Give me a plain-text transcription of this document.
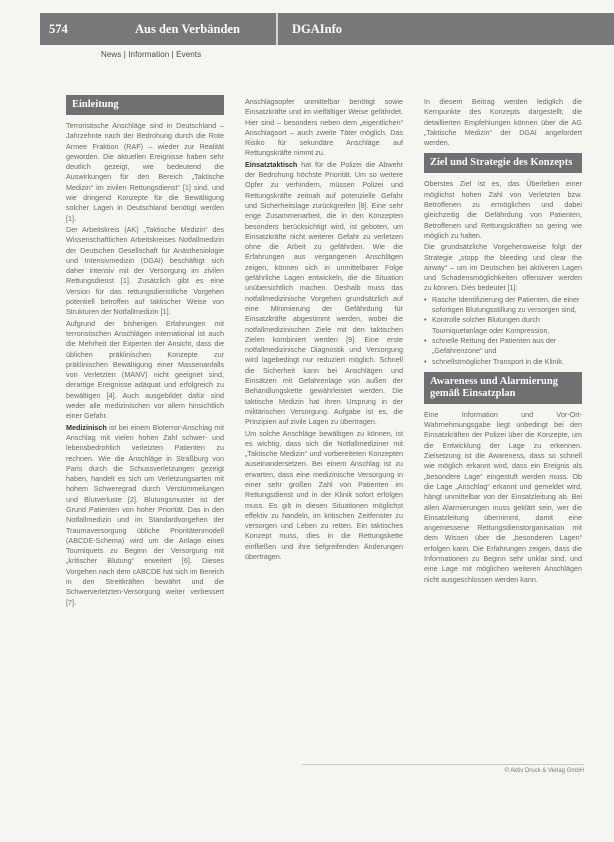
574	Aus den Verbänden	DGAInfo
News | Information | Events
Einleitung

Terroristische Anschläge sind in Deutschland – Jahrzehnte nach der Bedrohung durch die Rote Armee Fraktion (RAF) – wieder zur Realität geworden. Die aktuellen Ereignisse haben sehr deutlich gezeigt, wie bedeutend die Auswirkungen für den Bereich „Taktische Medizin“ im zivilen Rettungsdienst“ [1] sind, und wie dringend Konzepte für die Bewältigung solcher Lagen in Deutschland benötigt werden [1].

Der Arbeitskreis (AK) „Taktische Medizin“ des Wissenschaftlichen Arbeitskreises Notfallmedizin der Deutschen Gesellschaft für Anästhesiologie und Intensivmedizin (DGAI) beschäftigt sich daher intensiv mit der Versorgung im zivilen Rettungsdienst [1]. Zusätzlich gibt es eine Version für das rettungsdienstliche Vorgehen potentiell betroffen auf taktischer Weise von Strukturen der Notfallmedizin [1].

Aufgrund der bisherigen Erfahrungen mit terroristischen Anschlägen international ist auch die Mehrheit der Experten der Ansicht, dass die üblichen präklinischen Konzepte zur präklinischen Bewältigung einer Massenanfalls von Verletzten (MANV) nicht geeignet sind, derartige Ereignisse adäquat und erfolgreich zu bewältigen [4]. Auch ausgebildet dafür sind weder alle medizinischen vor allem hinsichtlich einer Gefahr.

Medizinisch ist bei einem Bioterror-Anschlag mit Anschlag mit vielen hohen Zahl schwer- und lebensbedrohlich verletzten Patienten zu rechnen. Wie die Anschläge in Straßburg von Paris durch die Schussverletzungen gezeigt haben, handelt es sich um Verletzungsarten mit hohem Schweregrad durch Verstümmelungen und Blutverluste [2]. Blutungsmuster ist der Grund Patienten von hoher Priorität. Das in den Notfallmedizin und im Standardvorgehen der Traumaversorgung übliche Prioritätenmodell (ABCDE-Schema) wird um die Anlage eines Tourniquets zu Beginn der Versorgung mit „kritischer Blutung“ erweitert [6]. Dieses Vorgehen nach dem cABCDE hat sich im Bereich in den Streitkräften bewährt und die Schwerverletzten-Versorgung weiter verbessert [7].

Anschlagsopfer unmittelbar benötigt sowie Einsatzkräfte und im vielfältiger Weise gefährdet. Hier sind – besonders neben dem „eigentlichen“ Anschlagsort – auch zweite Täter möglich. Das Risiko für sekundäre Anschläge auf Rettungskräfte nimmt zu.

Einsatztaktisch hat für die Polizei die Abwehr der Bedrohung höchste Priorität. Um so weitere Opfer zu verhindern, müssen Polizei und Rettungskräfte zeitnah auf potenzielle Gefahr und Sicherheitslage zurückgreifen [8]. Eine sehr enge Zusammenarbeit, die in den Konzepten besonders berücksichtigt wird, ist geboten, um Einsatzkräfte nicht weiterer Gefahr zu verletzen ohne die Arbeit zu gefährden. Wie die Erfahrungen aus vergangenen Anschlägen zeigen, können sich in unmittelbarer Folge gefährliche Lagen entwickeln, die die Situation unübersichtlich machen. Deshalb muss das notfallmedizinische Vorgehen grundsätzlich auf eine Minimierung der Gefährdung für Einsatzkräfte abgestimmt werden, wobei die notfallmedizinischen Ziele mit den taktischen Zielen kombiniert werden [9]. Eine erste notfallmedizinische Diagnostik und Versorgung wird lagebedingt nur reduziert möglich. Schnell die Sicherheit kann bei Anschlägen und Einsätzen mit Gefahrenlage von außen der Behandlungskette gewährleistet werden. Die taktische Medizin hat ihren Ursprung in der militärischen Versorgung. Aufgabe ist es, die Prinzipien auf zivile Lagen zu übertragen.

Um solche Anschläge bewältigen zu können, ist es wichtig, dass sich die Notfallmediziner mit „Taktische Medizin“ und vorbereiteten Konzepten auseinandersetzen. Bei einem Anschlag ist zu erwarten, dass eine medizinische Versorgung in einer sehr großen Zahl von Patienten im Rettungsdienst und in der Klinik sofort erfolgen muss. Es gilt in diesen Situationen möglichst effektiv zu handeln, im kritischen Zeitfenster zu versorgen und Leben zu retten. Ein taktisches Konzept muss, dies in die Rettungskette einfließen und ihre tiefgreifenden Änderungen übertragen.

In diesem Beitrag werden lediglich die Kernpunkte des Konzepts dargestellt; die detaillierten Empfehlungen können über die AG „Taktische Medizin“ der DGAI angefordert werden.

Ziel und Strategie des Konzepts

Oberstes Ziel ist es, das Überleben einer möglichst hohen Zahl von Verletzten bzw. Betroffenen zu ermöglichen und dabei gleichzeitig die Gefährdung von Patienten, Betroffenen und Rettungskräften so gering wie möglich zu halten.

Die grundsätzliche Vorgehensweise folgt der Strategie „stopp the bleeding und clear the airway“ – um im Deutschen bei aktiveren Lagen und Schadensmöglichkeiten offensiver werden zu können. Dies bedeutet [1]:

• Rasche Identifizierung der Patienten, die einer sofortigen Blutungsstillung zu versorgen sind,
• Kontrolle solcher Blutungen durch Tourniquetanlage oder Kompression,
• schnelle Rettung der Patienten aus der „Gefahrenzone“ und
• schnellstmöglicher Transport in die Klinik.
Awareness und Alarmierung gemäß Einsatzplan

Eine Information und Vor-Ort-Wahrnehmungsgabe liegt unbedingt bei den Einsatzkräften der Polizei über die Konzepte, um die Entwicklung der Lage zu erkennen. Zielsetzung ist die Awareness, dass so schnell wie möglich erkannt wird, dass ein Ereignis als „besondere Lage“ eingestuft werden muss. Ob die Lage „Anschlag“ erkannt und gemeldet wird, hängt unmittelbar von der Einsatzleitung ab. Bei allen Alarmierungen muss geklärt sein, wer die Einsatzleitung übernimmt, damit eine angemessene Rettungsdienstorganisation mit dem Wissen über die „besonderen Lagen“ erfolgen kann. Die Erfahrungen zeigen, dass die Informationen zu Beginn sehr unklar sind, und eine Lage mit möglichen weiteren Anschlägen nicht ausgeschlossen werden kann.

© Aktiv Druck & Verlag GmbH
